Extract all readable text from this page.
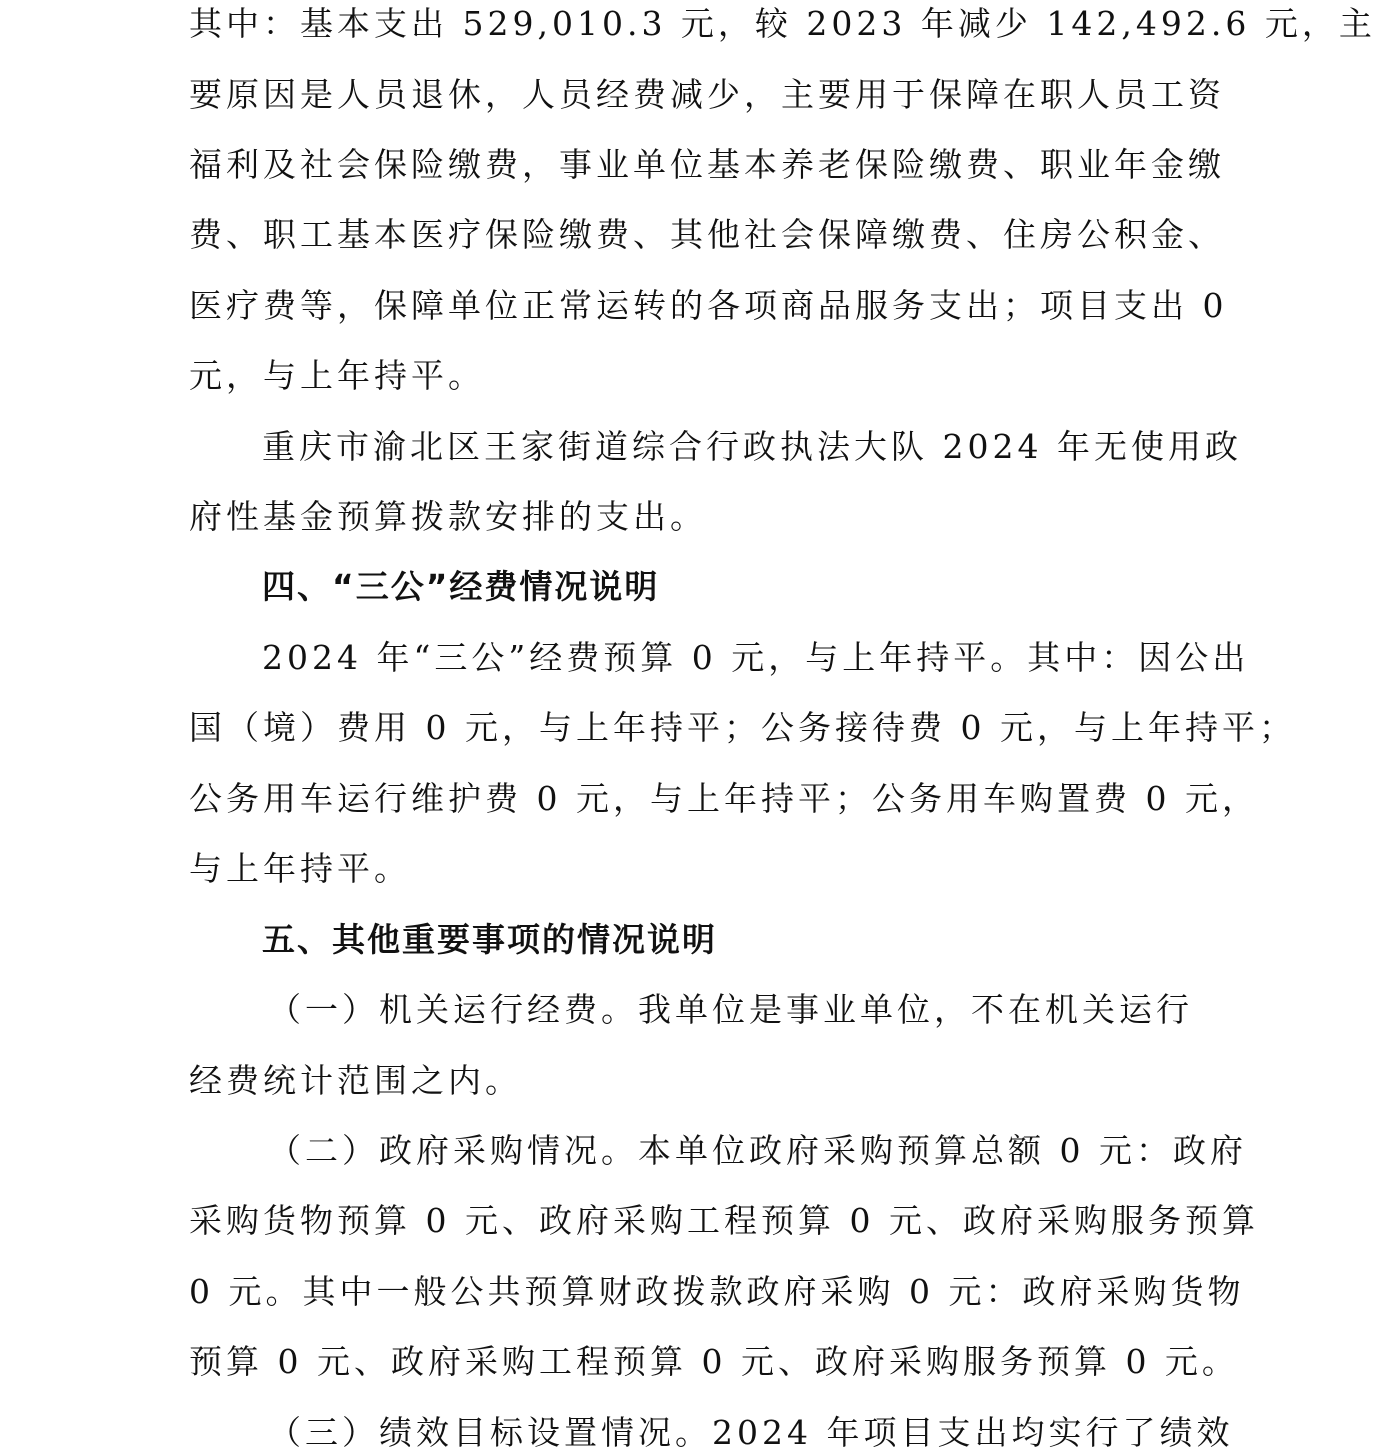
其中：基本支出 529,010.3 元，较 2023 年减少 142,492.6 元，主
要原因是人员退休，人员经费减少，主要用于保障在职人员工资
福利及社会保险缴费，事业单位基本养老保险缴费、职业年金缴
费、职工基本医疗保险缴费、其他社会保障缴费、住房公积金、
医疗费等，保障单位正常运转的各项商品服务支出；项目支出 0
元，与上年持平。
重庆市渝北区王家街道综合行政执法大队 2024 年无使用政
府性基金预算拨款安排的支出。
四、“三公”经费情况说明
2024 年“三公”经费预算 0 元，与上年持平。其中：因公出
国（境）费用 0 元，与上年持平；公务接待费 0 元，与上年持平；
公务用车运行维护费 0 元，与上年持平；公务用车购置费 0 元，
与上年持平。
五、其他重要事项的情况说明
（一）机关运行经费。我单位是事业单位，不在机关运行
经费统计范围之内。
（二）政府采购情况。本单位政府采购预算总额 0 元：政府
采购货物预算 0 元、政府采购工程预算 0 元、政府采购服务预算
0 元。其中一般公共预算财政拨款政府采购 0 元：政府采购货物
预算 0 元、政府采购工程预算 0 元、政府采购服务预算 0 元。
（三）绩效目标设置情况。2024 年项目支出均实行了绩效
